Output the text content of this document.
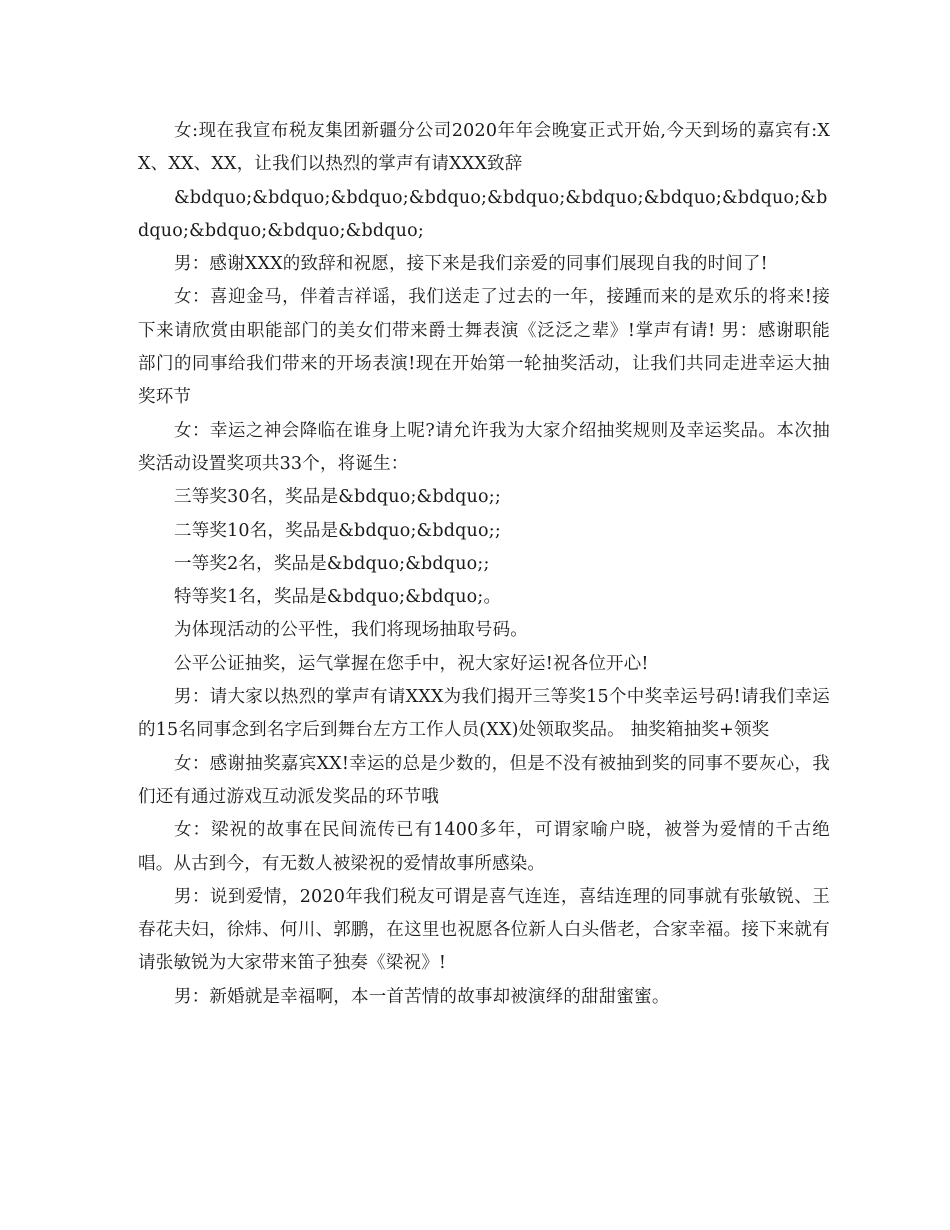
女:现在我宣布税友集团新疆分公司2020年年会晚宴正式开始,今天到场的嘉宾有:XX、XX、XX，让我们以热烈的掌声有请XXX致辞

&bdquo;&bdquo;&bdquo;&bdquo;&bdquo;&bdquo;&bdquo;&bdquo;&bdquo;&bdquo;&bdquo;&bdquo;

男：感谢XXX的致辞和祝愿，接下来是我们亲爱的同事们展现自我的时间了!

女：喜迎金马，伴着吉祥谣，我们送走了过去的一年，接踵而来的是欢乐的将来!接下来请欣赏由职能部门的美女们带来爵士舞表演《泛泛之辈》!掌声有请! 男：感谢职能部门的同事给我们带来的开场表演!现在开始第一轮抽奖活动，让我们共同走进幸运大抽奖环节

女：幸运之神会降临在谁身上呢?请允许我为大家介绍抽奖规则及幸运奖品。本次抽奖活动设置奖项共33个，将诞生：

三等奖30名，奖品是&bdquo;&bdquo;;

二等奖10名，奖品是&bdquo;&bdquo;;

一等奖2名，奖品是&bdquo;&bdquo;;

特等奖1名，奖品是&bdquo;&bdquo;。

为体现活动的公平性，我们将现场抽取号码。

公平公证抽奖，运气掌握在您手中，祝大家好运!祝各位开心!

男：请大家以热烈的掌声有请XXX为我们揭开三等奖15个中奖幸运号码!请我们幸运的15名同事念到名字后到舞台左方工作人员(XX)处领取奖品。 抽奖箱抽奖+领奖

女：感谢抽奖嘉宾XX!幸运的总是少数的，但是不没有被抽到奖的同事不要灰心，我们还有通过游戏互动派发奖品的环节哦

女：梁祝的故事在民间流传已有1400多年，可谓家喻户晓，被誉为爱情的千古绝唱。从古到今，有无数人被梁祝的爱情故事所感染。

男：说到爱情，2020年我们税友可谓是喜气连连，喜结连理的同事就有张敏锐、王春花夫妇，徐炜、何川、郭鹏，在这里也祝愿各位新人白头偕老，合家幸福。接下来就有请张敏锐为大家带来笛子独奏《梁祝》!

男：新婚就是幸福啊，本一首苦情的故事却被演绎的甜甜蜜蜜。
